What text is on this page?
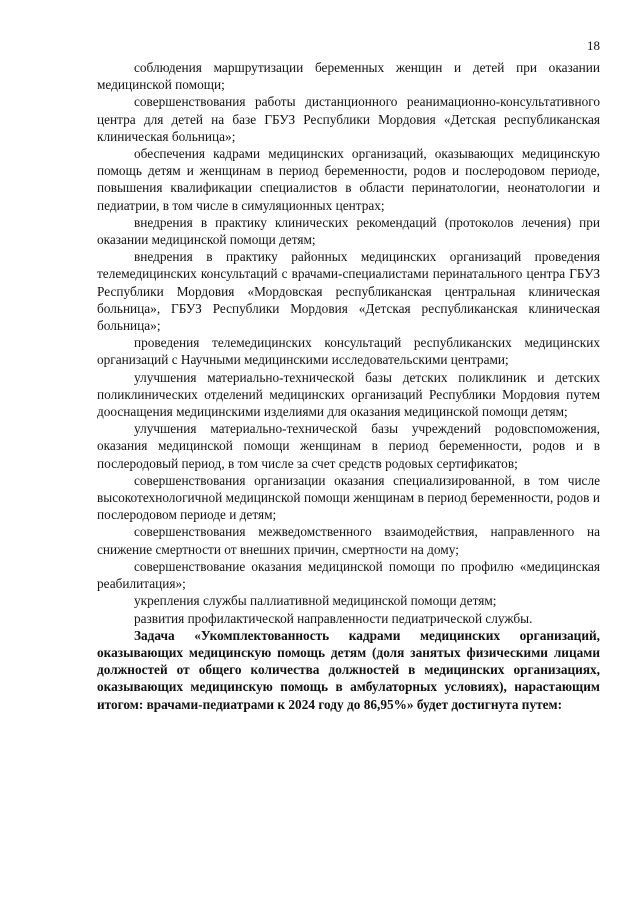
18

соблюдения маршрутизации беременных женщин и детей при оказании медицинской помощи;

совершенствования работы дистанционного реанимационно-консультативного центра для детей на базе ГБУЗ Республики Мордовия «Детская республиканская клиническая больница»;

обеспечения кадрами медицинских организаций, оказывающих медицинскую помощь детям и женщинам в период беременности, родов и послеродовом периоде, повышения квалификации специалистов в области перинатологии, неонатологии и педиатрии, в том числе в симуляционных центрах;

внедрения в практику клинических рекомендаций (протоколов лечения) при оказании медицинской помощи детям;

внедрения в практику районных медицинских организаций проведения телемедицинских консультаций с врачами-специалистами перинатального центра ГБУЗ Республики Мордовия «Мордовская республиканская центральная клиническая больница», ГБУЗ Республики Мордовия «Детская республиканская клиническая больница»;

проведения телемедицинских консультаций республиканских медицинских организаций с Научными медицинскими исследовательскими центрами;

улучшения материально-технической базы детских поликлиник и детских поликлинических отделений медицинских организаций Республики Мордовия путем дооснащения медицинскими изделиями для оказания медицинской помощи детям;

улучшения материально-технической базы учреждений родовспоможения, оказания медицинской помощи женщинам в период беременности, родов и в послеродовый период, в том числе за счет средств родовых сертификатов;

совершенствования организации оказания специализированной, в том числе высокотехнологичной медицинской помощи женщинам в период беременности, родов и послеродовом периоде и детям;

совершенствования межведомственного взаимодействия, направленного на снижение смертности от внешних причин, смертности на дому;

совершенствование оказания медицинской помощи по профилю «медицинская реабилитация»;

укрепления службы паллиативной медицинской помощи детям;

развития профилактической направленности педиатрической службы.

Задача «Укомплектованность кадрами медицинских организаций, оказывающих медицинскую помощь детям (доля занятых физическими лицами должностей от общего количества должностей в медицинских организациях, оказывающих медицинскую помощь в амбулаторных условиях), нарастающим итогом: врачами-педиатрами к 2024 году до 86,95%» будет достигнута путем:
